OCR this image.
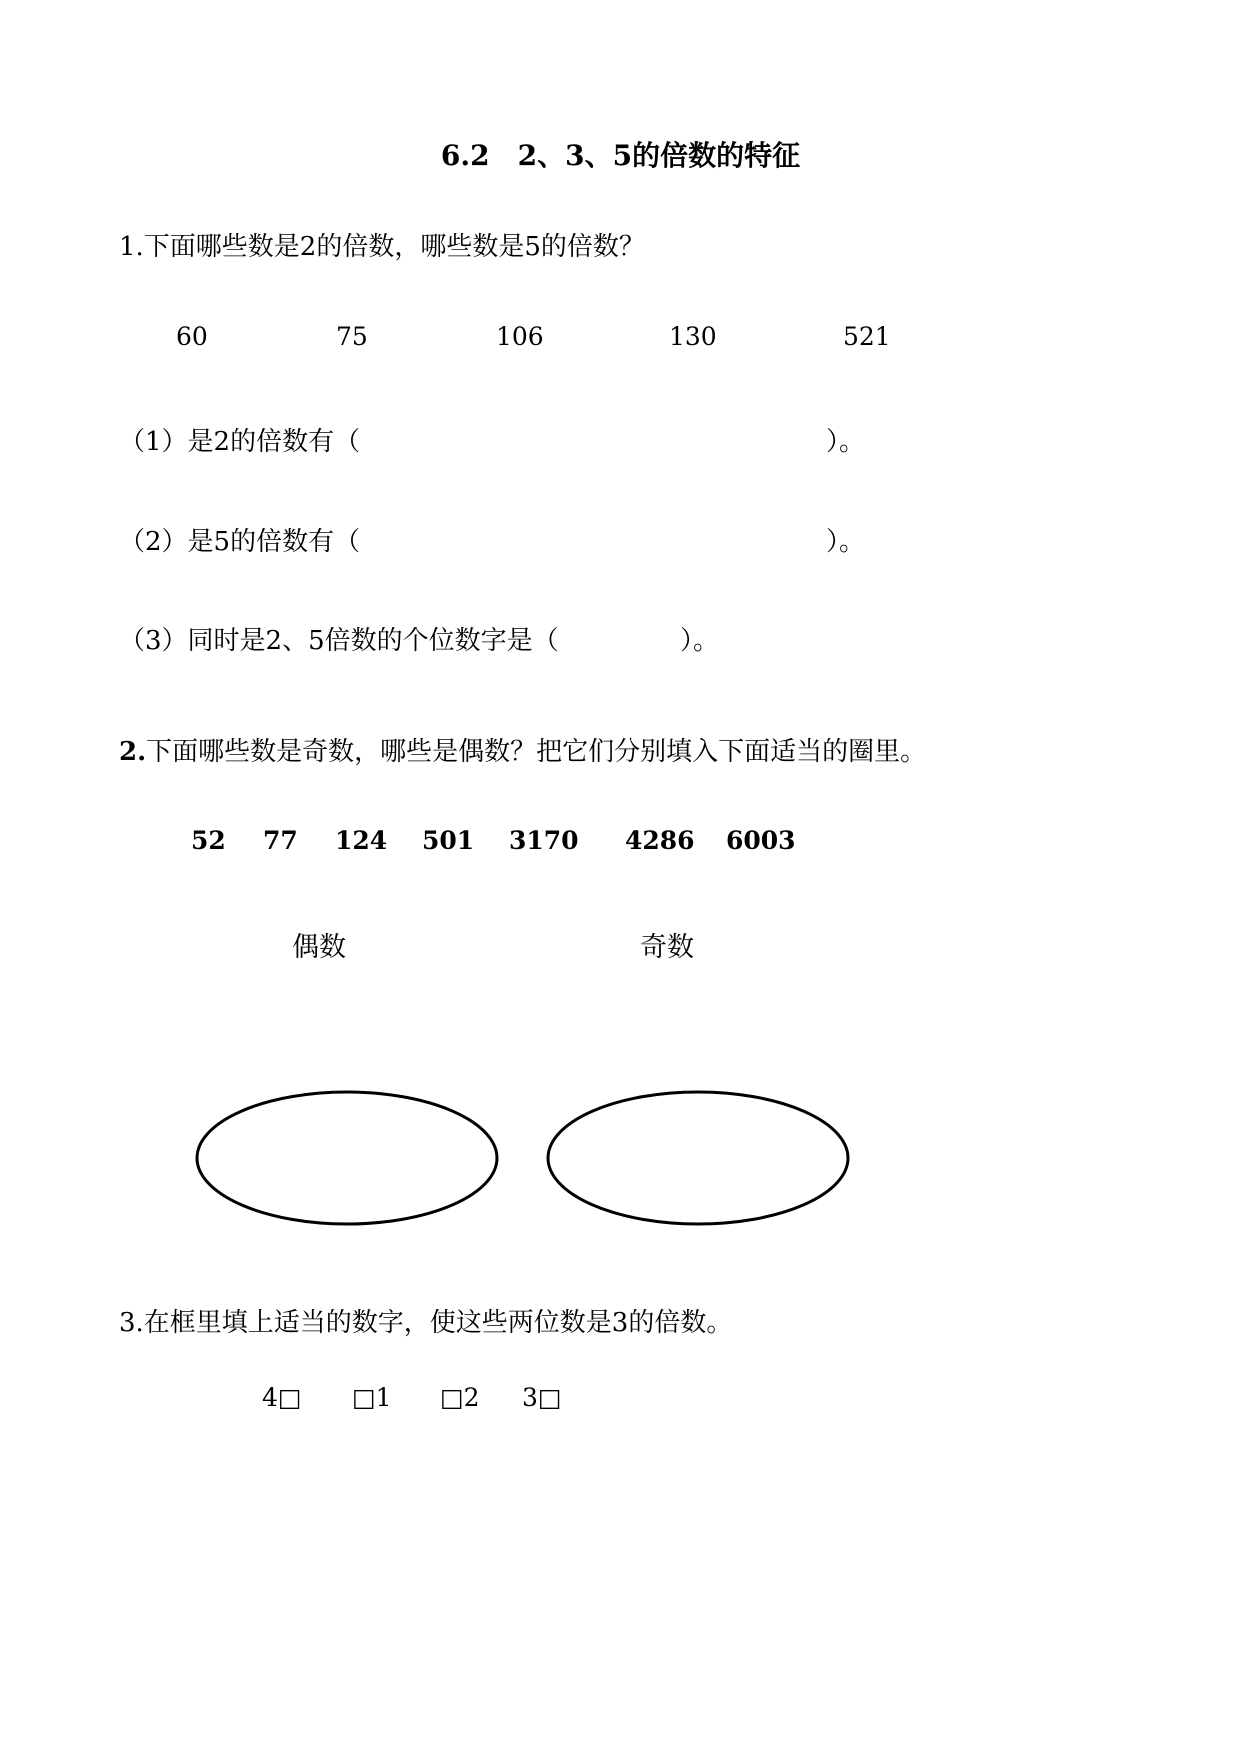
6.2　2、3、5的倍数的特征
1.下面哪些数是2的倍数，哪些数是5的倍数？
60	75	106	130	521
（1）是2的倍数有（	）。
（2）是5的倍数有（	）。
（3）同时是2、5倍数的个位数字是（	）。
2.下面哪些数是奇数，哪些是偶数？把它们分别填入下面适当的圈里。
52 77 124 501 3170 4286 6003
偶数	奇数
3.在框里填上适当的数字，使这些两位数是3的倍数。
4□ □1 □2 3□
